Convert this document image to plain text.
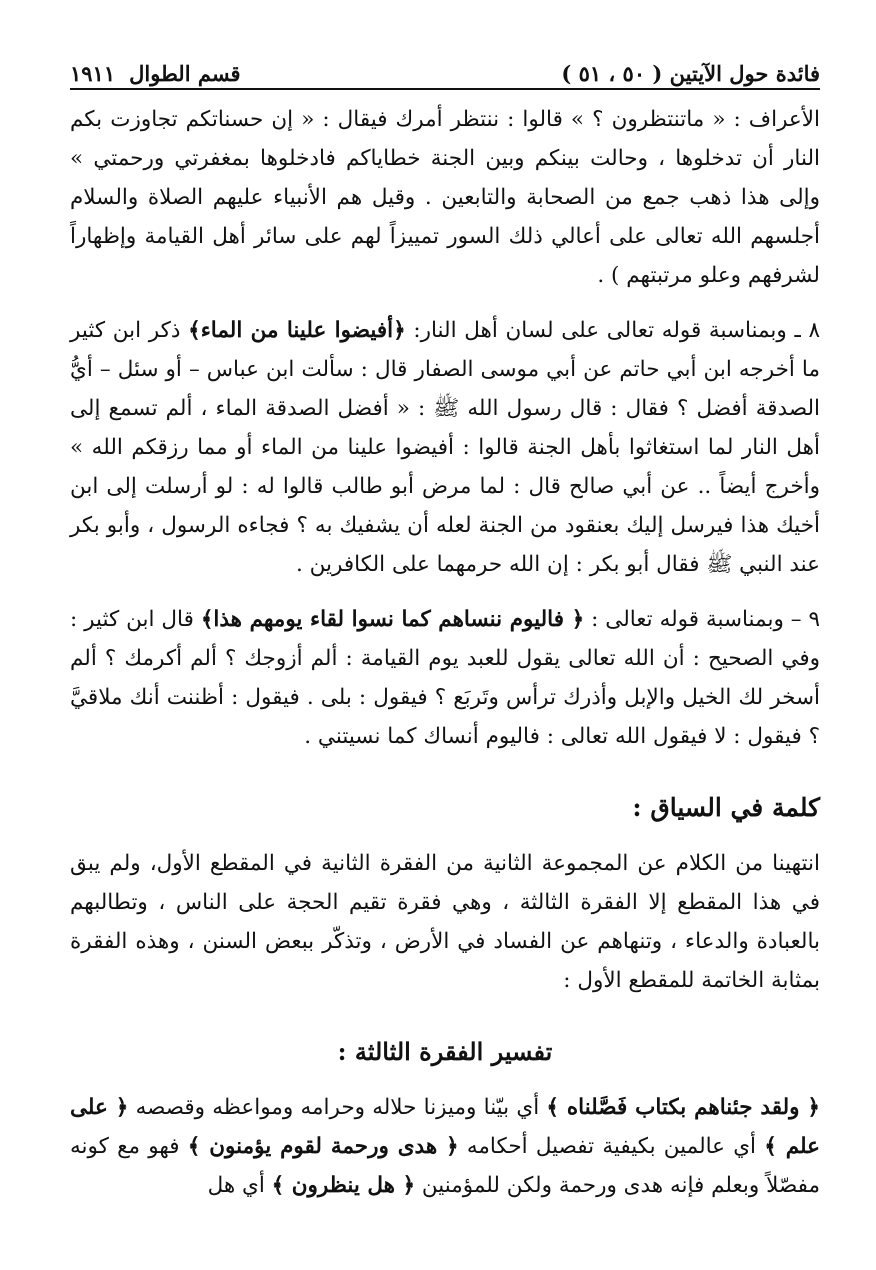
فائدة حول الآيتين ( ٥٠ ، ٥١ )
قسم الطوال
١٩١١

الأعراف : « ماتنتظرون ؟ » قالوا : ننتظر أمرك فيقال : « إن حسناتكم تجاوزت بكم النار أن تدخلوها ، وحالت بينكم وبين الجنة خطاياكم فادخلوها بمغفرتي ورحمتي » وإلى هذا ذهب جمع من الصحابة والتابعين . وقيل هم الأنبياء عليهم الصلاة والسلام أجلسهم الله تعالى على أعالي ذلك السور تمييزاً لهم على سائر أهل القيامة وإظهاراً لشرفهم وعلو مرتبتهم ) .

٨ ـ وبمناسبة قوله تعالى على لسان أهل النار: ﴿أفيضوا علينا من الماء﴾ ذكر ابن كثير ما أخرجه ابن أبي حاتم عن أبي موسى الصفار قال : سألت ابن عباس – أو سئل – أيُّ الصدقة أفضل ؟ فقال : قال رسول الله ﷺ : « أفضل الصدقة الماء ، ألم تسمع إلى أهل النار لما استغاثوا بأهل الجنة قالوا : أفيضوا علينا من الماء أو مما رزقكم الله » وأخرج أيضاً .. عن أبي صالح قال : لما مرض أبو طالب قالوا له : لو أرسلت إلى ابن أخيك هذا فيرسل إليك بعنقود من الجنة لعله أن يشفيك به ؟ فجاءه الرسول ، وأبو بكر عند النبي ﷺ فقال أبو بكر : إن الله حرمهما على الكافرين .

٩ – وبمناسبة قوله تعالى : ﴿ فاليوم ننساهم كما نسوا لقاء يومهم هذا﴾ قال ابن كثير : وفي الصحيح : أن الله تعالى يقول للعبد يوم القيامة : ألم أزوجك ؟ ألم أكرمك ؟ ألم أسخر لك الخيل والإبل وأذرك ترأس وتَربَع ؟ فيقول : بلى . فيقول : أظننت أنك ملاقيَّ ؟ فيقول : لا فيقول الله تعالى : فاليوم أنساك كما نسيتني .

كلمة في السياق :

انتهينا من الكلام عن المجموعة الثانية من الفقرة الثانية في المقطع الأول، ولم يبق في هذا المقطع إلا الفقرة الثالثة ، وهي فقرة تقيم الحجة على الناس ، وتطالبهم بالعبادة والدعاء ، وتنهاهم عن الفساد في الأرض ، وتذكّر ببعض السنن ، وهذه الفقرة بمثابة الخاتمة للمقطع الأول :

تفسير الفقرة الثالثة :

﴿ ولقد جئناهم بكتاب فَصَّلناه ﴾ أي بيّنا وميزنا حلاله وحرامه ومواعظه وقصصه ﴿ على علم ﴾ أي عالمين بكيفية تفصيل أحكامه ﴿ هدى ورحمة لقوم يؤمنون ﴾ فهو مع كونه مفصّلاً وبعلم فإنه هدى ورحمة ولكن للمؤمنين ﴿ هل ينظرون ﴾ أي هل
